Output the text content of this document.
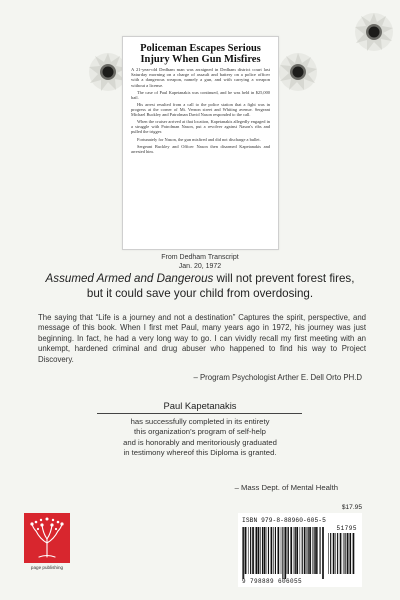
Policeman Escapes Serious Injury When Gun Misfires
A 21-year-old Dedham man was arraigned in Dedham district court last Saturday morning on a charge of assault and battery on a police officer with a dangerous weapon, namely a gun, and with carrying a weapon without a license.

The case of Paul Kapetanakis was continued, and he was held in $25,000 bail.

His arrest resulted from a call to the police station that a fight was in progress at the corner of Mt. Vernon street and Whiting avenue. Sergeant Michael Buckley and Patrolman David Nason responded to the call.

When the cruiser arrived at that location, Kapetanakis allegedly engaged in a struggle with Patrolman Nason, put a revolver against Nason's ribs and pulled the trigger.

Fortunately for Nason, the gun misfired and did not discharge a bullet.

Sergeant Buckley and Officer Nason then disarmed Kapetanakis and arrested him.

From Dedham Transcript
Jan. 20, 1972
Assumed Armed and Dangerous will not prevent forest fires,
but it could save your child from overdosing.
The saying that “Life is a journey and not a destination” Captures the spirit, perspective, and message of this book. When I first met Paul, many years ago in 1972, his journey was just beginning. In fact, he had a very long way to go. I can vividly recall my first meeting with an unkempt, hardened criminal and drug abuser who happened to find his way to Project Discovery.
– Program Psychologist Arther E. Dell Orto PH.D
Paul Kapetanakis
has successfully completed in its entirety
this organization’s program of self-help
and is honorably and meritoriously graduated
in testimony whereof this Diploma is granted.
– Mass Dept. of Mental Health
page publishing
$17.95
ISBN 979-8-88960-605-5
51795
9 798889 606055
